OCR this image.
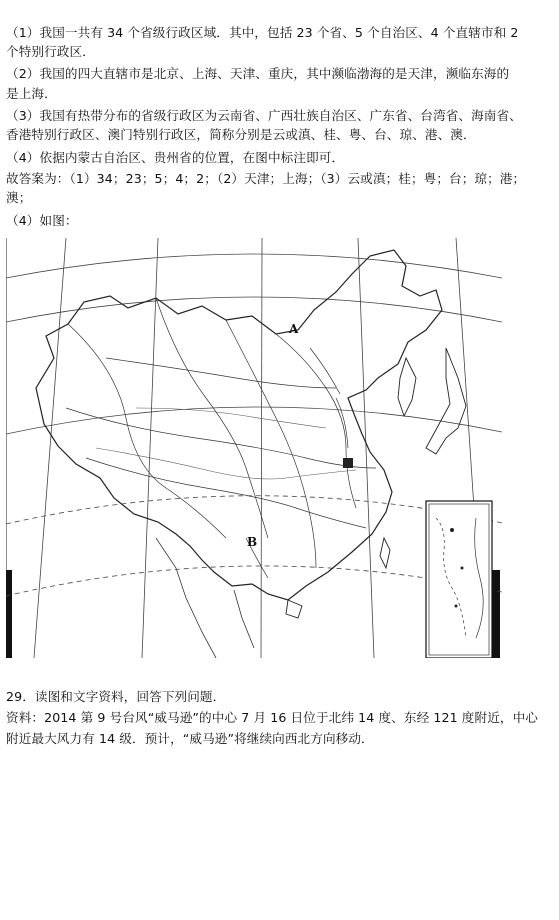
（1）我国一共有 34 个省级行政区域．其中，包括 23 个省、5 个自治区、4 个直辖市和 2
个特别行政区．
（2）我国的四大直辖市是北京、上海、天津、重庆，其中濒临渤海的是天津，濒临东海的
是上海．
（3）我国有热带分布的省级行政区为云南省、广西壮族自治区、广东省、台湾省、海南省、
香港特别行政区、澳门特别行政区，简称分别是云或滇、桂、粤、台、琼、港、澳．
（4）依据内蒙古自治区、贵州省的位置，在图中标注即可．
故答案为：（1）34；23；5；4；2；（2）天津；上海；（3）云或滇；桂；粤；台；琼；港；
澳；
（4）如图：
A
B
29．读图和文字资料，回答下列问题．
资料：2014 第 9 号台风“威马逊”的中心 7 月 16 日位于北纬 14 度、东经 121 度附近，中心
附近最大风力有 14 级．预计，“威马逊”将继续向西北方向移动．
